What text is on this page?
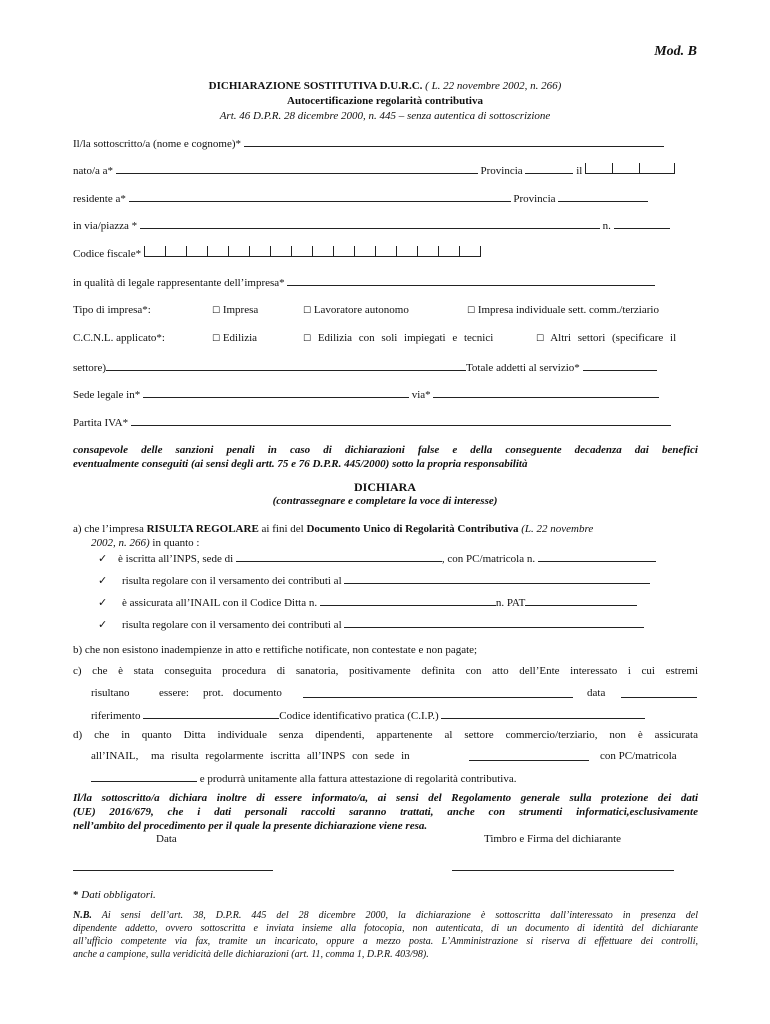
Mod. B
DICHIARAZIONE SOSTITUTIVA D.U.R.C. ( L. 22 novembre 2002, n. 266)
Autocertificazione regolarità contributiva
Art. 46 D.P.R. 28 dicembre 2000, n. 445 – senza autentica di sottoscrizione
Il/la sottoscritto/a (nome e cognome)*
nato/a a*	Provincia	il
residente a*	Provincia
in via/piazza *	n.
Codice fiscale*
in qualità di legale rappresentante dell’impresa*
Tipo di impresa*:	☐ Impresa	☐ Lavoratore autonomo	☐ Impresa individuale sett. comm./terziario
C.C.N.L. applicato*:	☐ Edilizia	☐ Edilizia con soli impiegati e tecnici	☐ Altri settori (specificare il
settore)	Totale addetti al servizio*
Sede legale in*	via*
Partita IVA*
consapevole delle sanzioni penali in caso di dichiarazioni false e della conseguente decadenza dai benefici
eventualmente conseguiti (ai sensi degli artt. 75 e 76 D.P.R. 445/2000) sotto la propria responsabilità
DICHIARA
(contrassegnare e completare la voce di interesse)
a) che l’impresa RISULTA REGOLARE ai fini del Documento Unico di Regolarità Contributiva (L. 22 novembre
2002, n. 266) in quanto :
✓ è iscritta all’INPS, sede di	, con PC/matricola n.
✓ risulta regolare con il versamento dei contributi al
✓ è assicurata all’INAIL con il Codice Ditta n.	n. PAT
✓ risulta regolare con il versamento dei contributi al
b) che non esistono inadempienze in atto e rettifiche notificate, non contestate e non pagate;
c) che è stata conseguita procedura di sanatoria, positivamente definita con atto dell’Ente interessato i cui estremi
risultano	essere: prot. documento	data
riferimento	Codice identificativo pratica (C.I.P.)
d) che in quanto Ditta individuale senza dipendenti, appartenente al settore commercio/terziario, non è assicurata
all’INAIL, ma risulta regolarmente iscritta all’INPS con sede in	con PC/matricola
e produrrà unitamente alla fattura attestazione di regolarità contributiva.
Il/la sottoscritto/a dichiara inoltre di essere informato/a, ai sensi del Regolamento generale sulla protezione dei dati
(UE) 2016/679, che i dati personali raccolti saranno trattati, anche con strumenti informatici,esclusivamente
nell’ambito del procedimento per il quale la presente dichiarazione viene resa.
Data	Timbro e Firma del dichiarante
* Dati obbligatori.
N.B. Ai sensi dell’art. 38, D.P.R. 445 del 28 dicembre 2000, la dichiarazione è sottoscritta dall’interessato in presenza del
dipendente addetto, ovvero sottoscritta e inviata insieme alla fotocopia, non autenticata, di un documento di identità del dichiarante
all’ufficio competente via fax, tramite un incaricato, oppure a mezzo posta. L’Amministrazione si riserva di effettuare dei controlli,
anche a campione, sulla veridicità delle dichiarazioni (art. 11, comma 1, D.P.R. 403/98).
